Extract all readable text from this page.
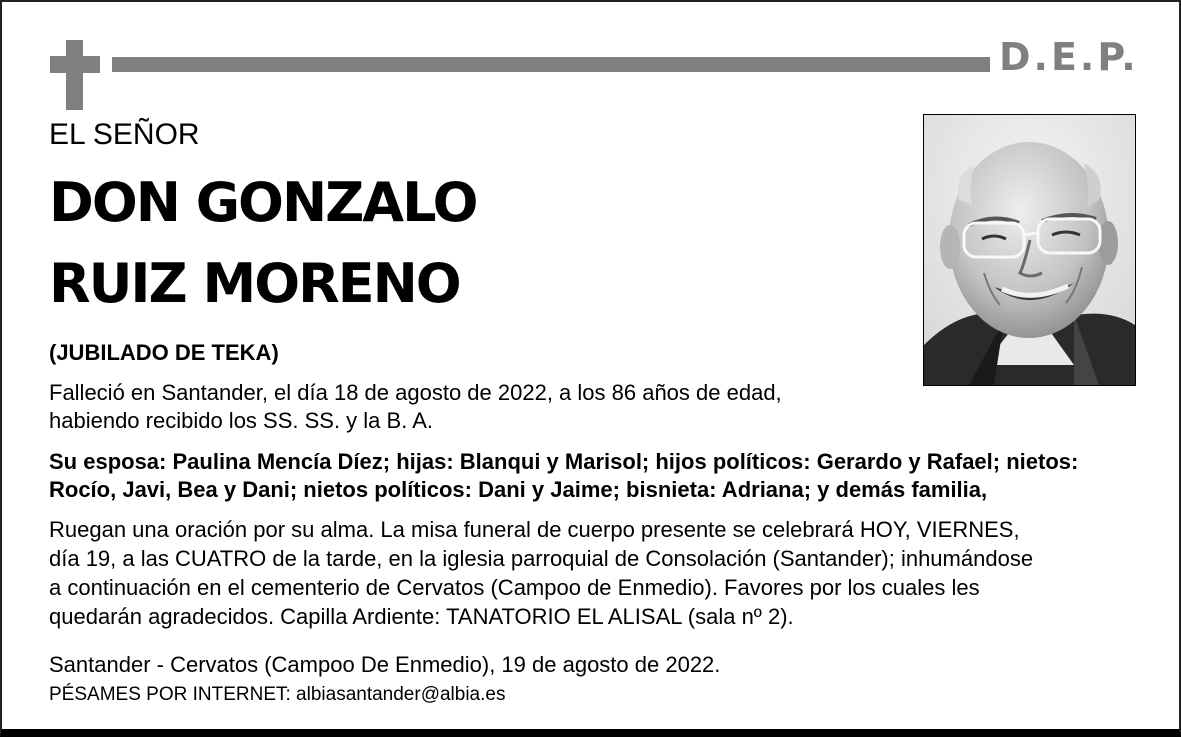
D.E.P.
EL SEÑOR
DON GONZALO
RUIZ MORENO
(JUBILADO DE TEKA)
Falleció en Santander, el día 18 de agosto de 2022, a los 86 años de edad,
habiendo recibido los SS. SS. y la B. A.
Su esposa: Paulina Mencía Díez; hijas: Blanqui y Marisol; hijos políticos: Gerardo y Rafael; nietos:
Rocío, Javi, Bea y Dani; nietos políticos: Dani y Jaime; bisnieta: Adriana; y demás familia,
Ruegan una oración por su alma. La misa funeral de cuerpo presente se celebrará HOY, VIERNES,
día 19, a las CUATRO de la tarde, en la iglesia parroquial de Consolación (Santander); inhumándose
a continuación en el cementerio de Cervatos (Campoo de Enmedio). Favores por los cuales les
quedarán agradecidos. Capilla Ardiente: TANATORIO EL ALISAL (sala nº 2).
Santander - Cervatos (Campoo De Enmedio), 19 de agosto de 2022.
PÉSAMES POR INTERNET: albiasantander@albia.es
